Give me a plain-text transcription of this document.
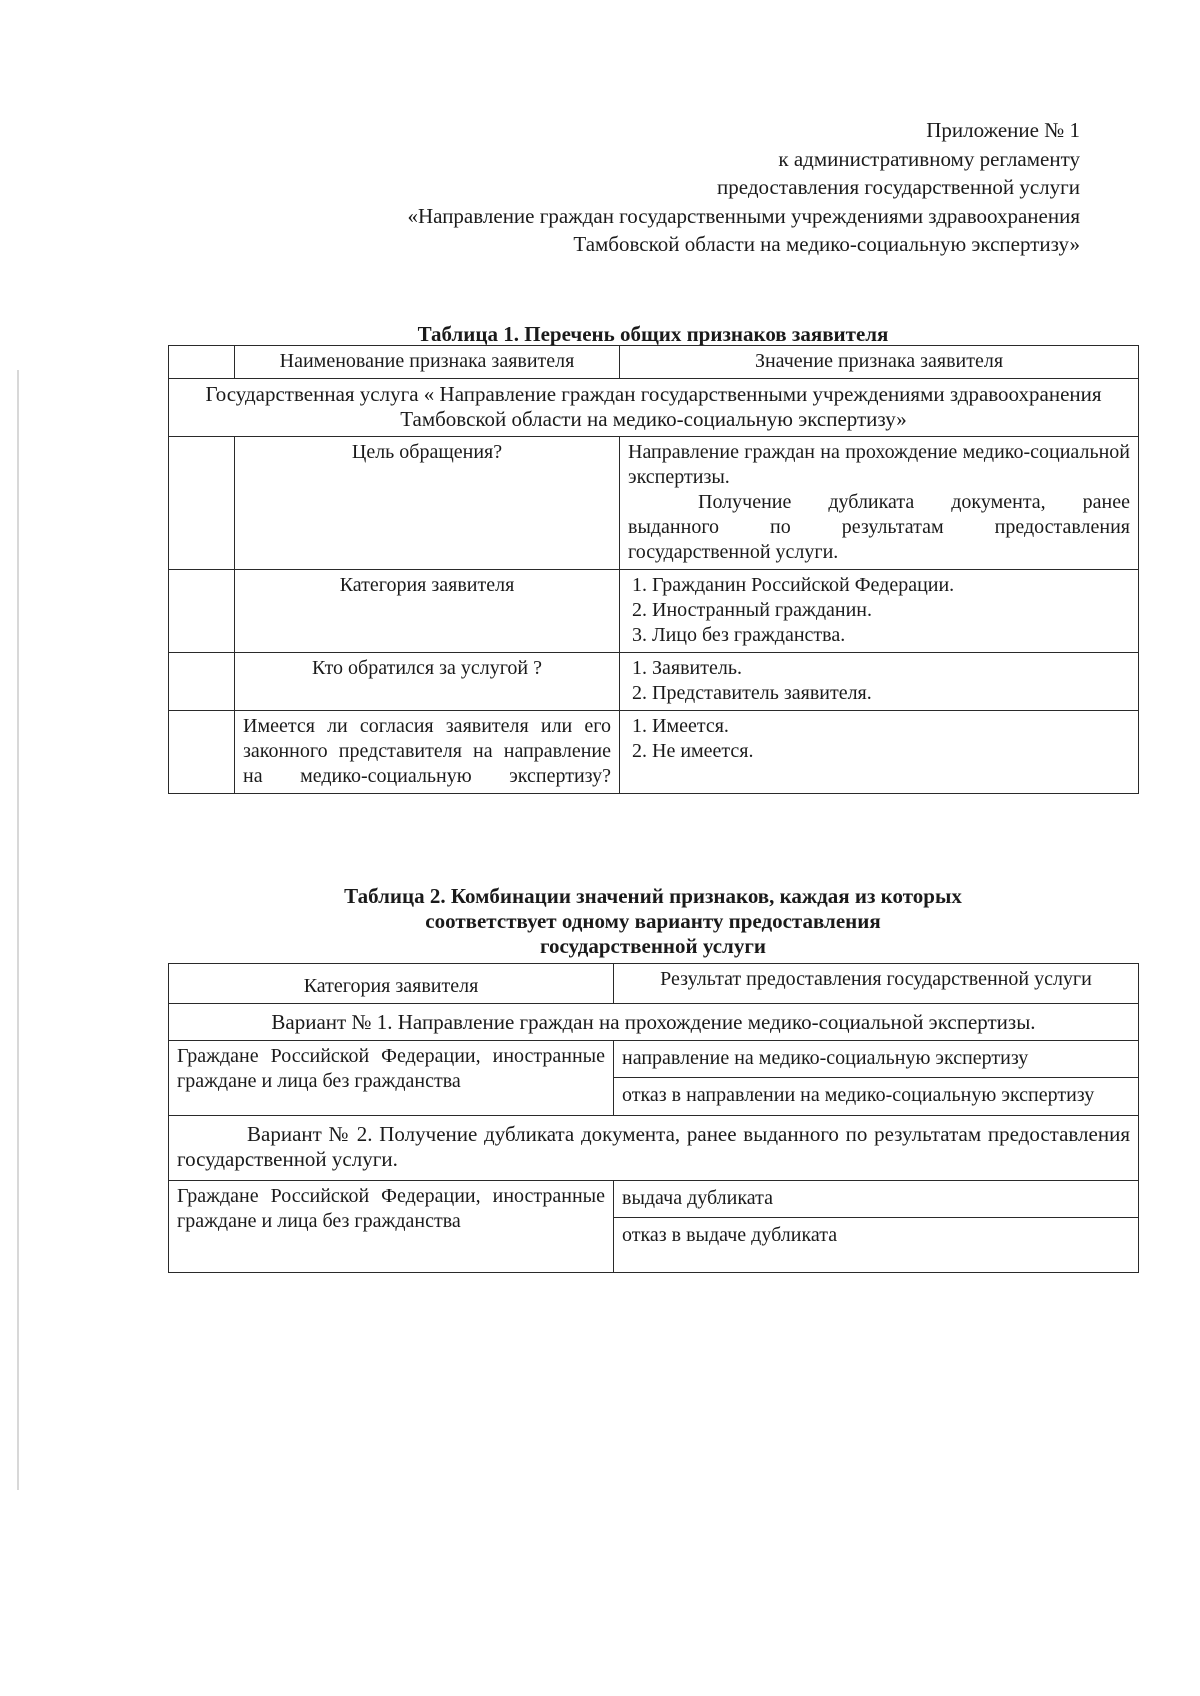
Приложение № 1
к административному регламенту
предоставления государственной услуги
«Направление граждан государственными учреждениями здравоохранения
Тамбовской области на медико-социальную экспертизу»
Таблица 1. Перечень общих признаков заявителя
	Наименование признака заявителя	Значение признака заявителя
Государственная услуга « Направление граждан государственными учреждениями здравоохранения Тамбовской области на медико-социальную экспертизу»		
	Цель обращения?	Направление граждан на прохождение медико-социальной экспертизы.
Получение дубликата документа, ранее выданного по результатам предоставления государственной услуги.

	Категория заявителя	1. Гражданин Российской Федерации.
2. Иностранный гражданин.
3. Лицо без гражданства.

	Кто обратился за услугой ?	1. Заявитель.
2. Представитель заявителя.

	Имеется ли согласия заявителя или его законного представителя на направление на медико-социальную экспертизу?	1. Имеется.
2. Не имеется.
Таблица 2. Комбинации значений признаков, каждая из которых
соответствует одному варианту предоставления
государственной услуги
Категория заявителя	Результат предоставления государственной услуги
Вариант № 1. Направление граждан на прохождение медико-социальной экспертизы.	
Граждане Российской Федерации, иностранные граждане и лица без гражданства	направление на медико-социальную экспертизу
	отказ в направлении на медико-социальную экспертизу
Вариант № 2. Получение дубликата документа, ранее выданного по результатам предоставления государственной услуги.	
Граждане Российской Федерации, иностранные граждане и лица без гражданства	выдача дубликата
	отказ в выдаче дубликата
